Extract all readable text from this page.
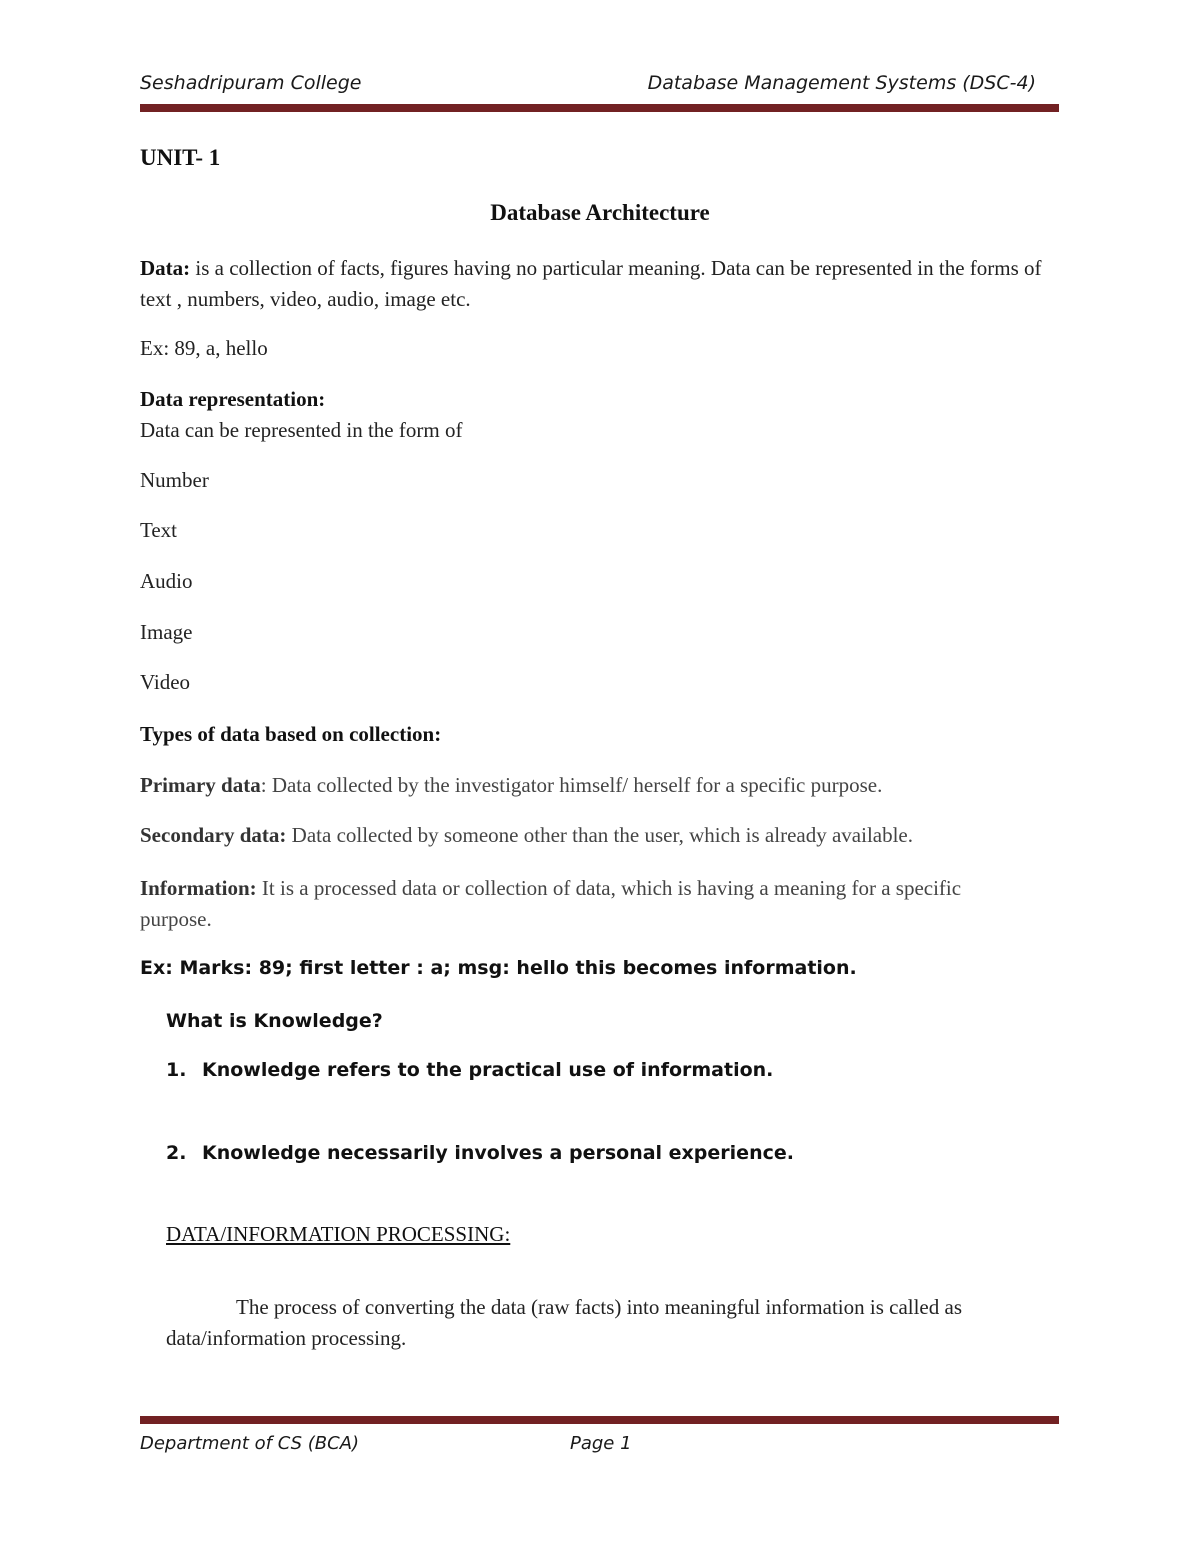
Seshadripuram College	Database Management Systems (DSC-4)
UNIT- 1
Database Architecture
Data: is a collection of facts, figures having no particular meaning. Data can be represented in the forms of text , numbers, video, audio, image etc.
Ex: 89, a, hello
Data representation:
Data can be represented in the form of
Number
Text
Audio
Image
Video
Types of data based on collection:
Primary data: Data collected by the investigator himself/ herself for a specific purpose.
Secondary data: Data collected by someone other than the user, which is already available.
Information: It is a processed data or collection of data, which is having a meaning for a specific purpose.
Ex: Marks: 89; first letter : a; msg: hello this becomes information.
What is Knowledge?
1. Knowledge refers to the practical use of information.
2. Knowledge necessarily involves a personal experience.
DATA/INFORMATION PROCESSING:
The process of converting the data (raw facts) into meaningful information is called as data/information processing.
Department of CS (BCA)	Page 1
